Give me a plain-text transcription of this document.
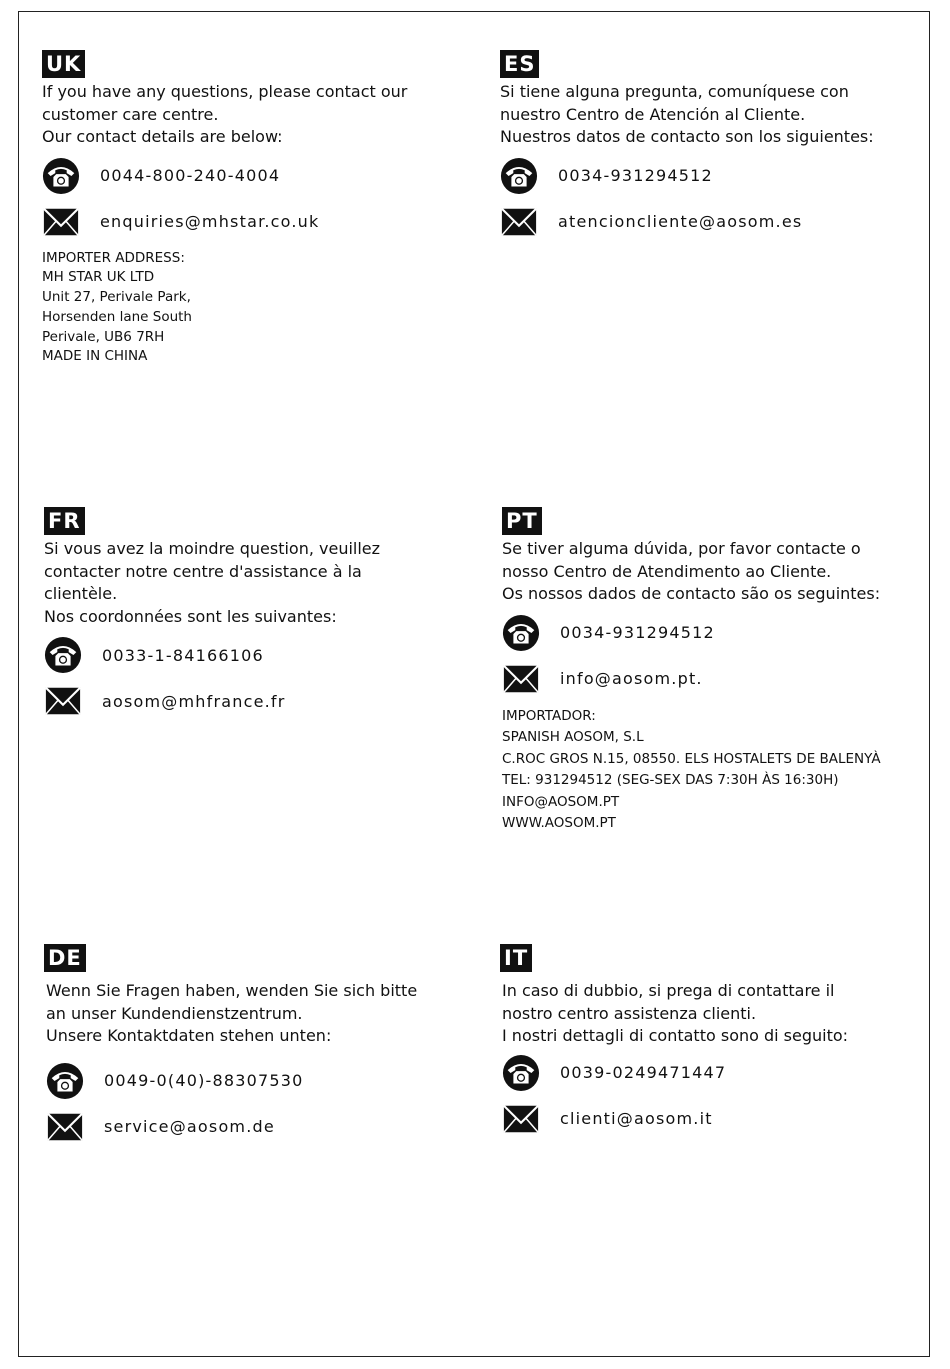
UK
If you have any questions, please contact our
customer care centre.
Our contact details are below:
0044-800-240-4004
enquiries@mhstar.co.uk
IMPORTER ADDRESS:
MH STAR UK LTD
Unit 27, Perivale Park,
Horsenden lane South
Perivale, UB6 7RH
MADE IN CHINA
ES
Si tiene alguna pregunta, comuníquese con
nuestro Centro de Atención al Cliente.
Nuestros datos de contacto son los siguientes:
0034-931294512
atencioncliente@aosom.es
FR
Si vous avez la moindre question, veuillez
contacter notre centre d'assistance à la
clientèle.
Nos coordonnées sont les suivantes:
0033-1-84166106
aosom@mhfrance.fr
PT
Se tiver alguma dúvida, por favor contacte o
nosso Centro de Atendimento ao Cliente.
Os nossos dados de contacto são os seguintes:
0034-931294512
info@aosom.pt.
IMPORTADOR:
SPANISH AOSOM, S.L
C.ROC GROS N.15, 08550. ELS HOSTALETS DE BALENYÀ
TEL: 931294512 (SEG-SEX DAS 7:30H ÀS 16:30H)
INFO@AOSOM.PT
WWW.AOSOM.PT
DE
Wenn Sie Fragen haben, wenden Sie sich bitte
an unser Kundendienstzentrum.
Unsere Kontaktdaten stehen unten:
0049-0(40)-88307530
service@aosom.de
IT
In caso di dubbio, si prega di contattare il
nostro centro assistenza clienti.
I nostri dettagli di contatto sono di seguito:
0039-0249471447
clienti@aosom.it
